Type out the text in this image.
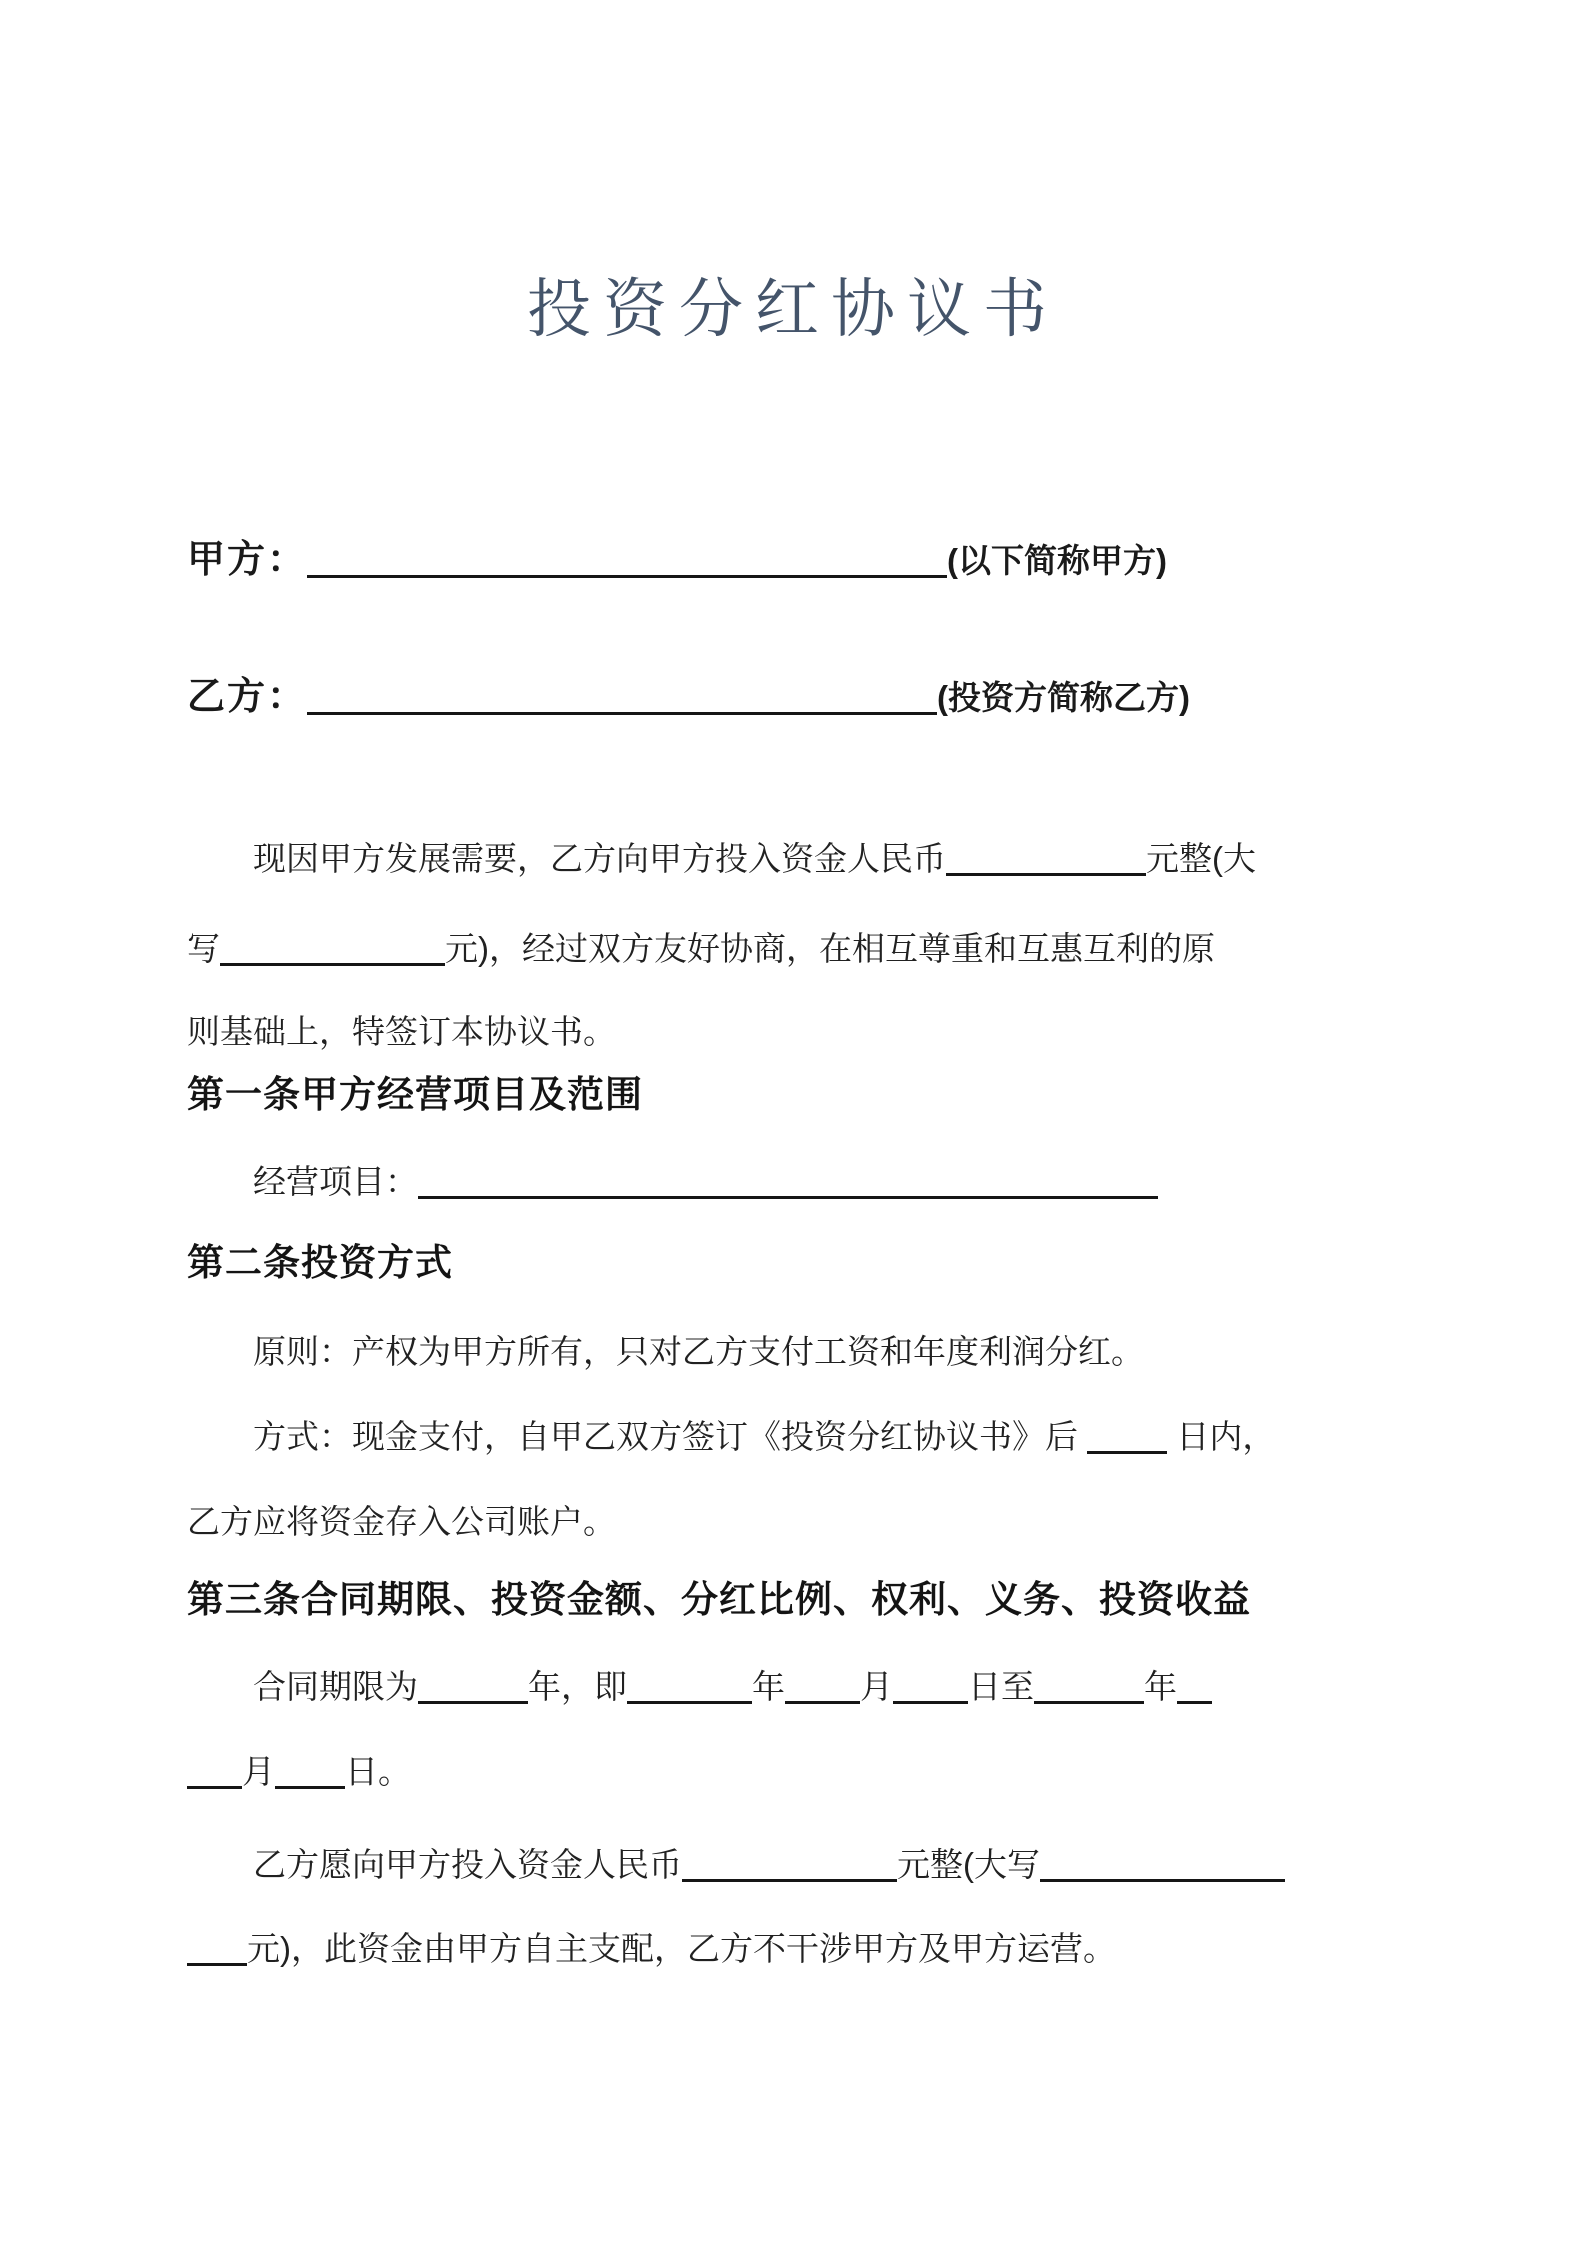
投资分红协议书
甲方：	(以下简称甲方)
乙方：	(投资方简称乙方)
现因甲方发展需要，乙方向甲方投入资金人民币	元整(大
写	元)，经过双方友好协商，在相互尊重和互惠互利的原
则基础上，特签订本协议书。
第一条甲方经营项目及范围
经营项目：
第二条投资方式
原则：产权为甲方所有，只对乙方支付工资和年度利润分红。
方式：现金支付，自甲乙双方签订《投资分红协议书》后  日内，
乙方应将资金存入公司账户。
第三条合同期限、投资金额、分红比例、权利、义务、投资收益
合同期限为	年，即	年 月 日至	年
月 日。
乙方愿向甲方投入资金人民币	元整(大写
元)，此资金由甲方自主支配，乙方不干涉甲方及甲方运营。
